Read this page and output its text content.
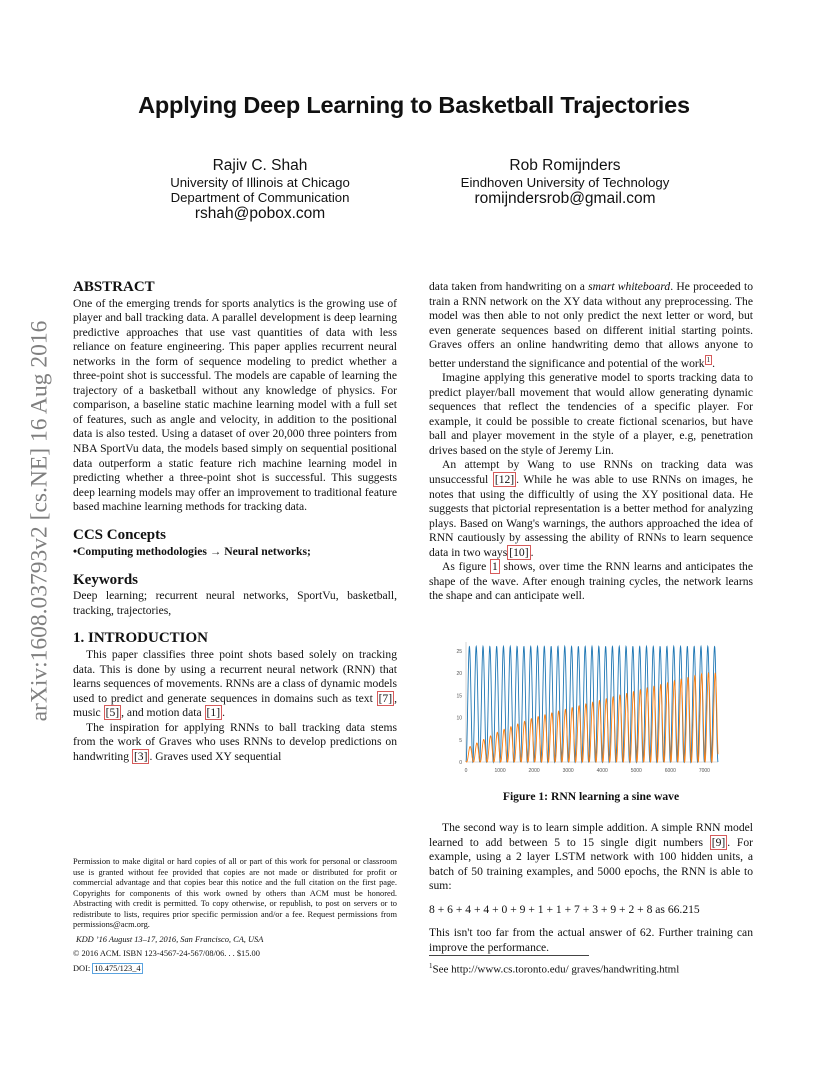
Applying Deep Learning to Basketball Trajectories
Rajiv C. Shah
University of Illinois at Chicago
Department of Communication
rshah@pobox.com
Rob Romijnders
Eindhoven University of Technology
romijndersrob@gmail.com
arXiv:1608.03793v2 [cs.NE] 16 Aug 2016
ABSTRACT

One of the emerging trends for sports analytics is the growing use of player and ball tracking data. A parallel development is deep learning predictive approaches that use vast quantities of data with less reliance on feature engineering. This paper applies recurrent neural networks in the form of sequence modeling to predict whether a three-point shot is successful. The models are capable of learning the trajectory of a basketball without any knowledge of physics. For comparison, a baseline static machine learning model with a full set of features, such as angle and velocity, in addition to the positional data is also tested. Using a dataset of over 20,000 three pointers from NBA SportVu data, the models based simply on sequential positional data outperform a static feature rich machine learning model in predicting whether a three-point shot is successful. This suggests deep learning models may offer an improvement to traditional feature based machine learning methods for tracking data.

CCS Concepts

•Computing methodologies → Neural networks;

Keywords

Deep learning; recurrent neural networks, SportVu, basketball, tracking, trajectories,

1. INTRODUCTION

This paper classifies three point shots based solely on tracking data. This is done by using a recurrent neural network (RNN) that learns sequences of movements. RNNs are a class of dynamic models used to predict and generate sequences in domains such as text [7] , music [5] , and motion data [1] .

The inspiration for applying RNNs to ball tracking data stems from the work of Graves who uses RNNs to develop predictions on handwriting [3] . Graves used XY sequential

Permission to make digital or hard copies of all or part of this work for personal or classroom use is granted without fee provided that copies are not made or distributed for profit or commercial advantage and that copies bear this notice and the full citation on the first page. Copyrights for components of this work owned by others than ACM must be honored. Abstracting with credit is permitted. To copy otherwise, or republish, to post on servers or to redistribute to lists, requires prior specific permission and/or a fee. Request permissions from permissions@acm.org.

KDD ’16 August 13–17, 2016, San Francisco, CA, USA

© 2016 ACM. ISBN 123-4567-24-567/08/06. . . $15.00

DOI: 10.475/123_4

data taken from handwriting on a smart whiteboard. He proceeded to train a RNN network on the XY data without any preprocessing. The model was then able to not only predict the next letter or word, but even generate sequences based on different initial starting points. Graves offers an online handwriting demo that allows anyone to better understand the significance and potential of the work $^1$ .

Imagine applying this generative model to sports tracking data to predict player/ball movement that would allow generating dynamic sequences that reflect the tendencies of a specific player. For example, it could be possible to create fictional scenarios, but have ball and player movement in the style of a player, e.g, penetration drives based on the style of Jeremy Lin.

An attempt by Wang to use RNNs on tracking data was unsuccessful [12] . While he was able to use RNNs on images, he notes that using the difficultly of using the XY positional data. He suggests that pictorial representation is a better method for analyzing plays. Based on Wang's warnings, the authors approached the idea of RNN cautiously by assessing the ability of RNNs to learn sequence data in two ways [10] .

As figure 1 shows, over time the RNN learns and anticipates the shape of the wave. After enough training cycles, the network learns the shape and can anticipate well.

0
5
10
15
20
25
0	1000	2000	3000	4000	5000	6000	7000
Figure 1: RNN learning a sine wave

The second way is to learn simple addition. A simple RNN model learned to add between 5 to 15 single digit numbers [9] . For example, using a 2 layer LSTM network with 100 hidden units, a batch of 50 training examples, and 5000 epochs, the RNN is able to sum:

8 + 6 + 4 + 4 + 0 + 9 + 1 + 1 + 7 + 3 + 9 + 2 + 8 as 66.215

This isn't too far from the actual answer of 62. Further training can improve the performance.

$^1$See http://www.cs.toronto.edu/ graves/handwriting.html
